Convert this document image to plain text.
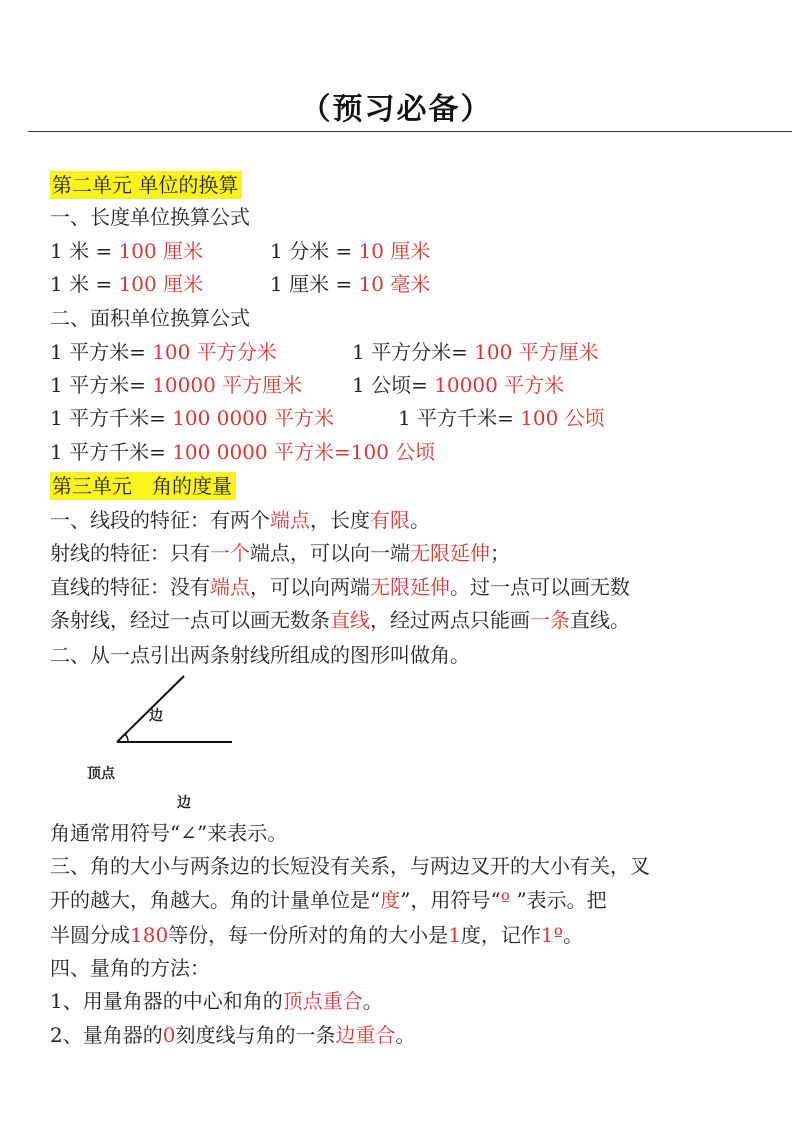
（预习必备）
第二单元 单位的换算
一、长度单位换算公式
1 米 = 100 厘米	1 分米 = 10 厘米
1 米 = 100 厘米	1 厘米 = 10 毫米
二、面积单位换算公式
1 平方米= 100 平方分米	1 平方分米= 100 平方厘米
1 平方米= 10000 平方厘米 1 公顷= 10000 平方米
1 平方千米= 100 0000 平方米	1 平方千米= 100 公顷
1 平方千米= 100 0000 平方米=100 公顷
第三单元　角的度量
一、线段的特征：有两个端点，长度有限。
射线的特征：只有一个端点，可以向一端无限延伸；
直线的特征：没有端点，可以向两端无限延伸。过一点可以画无数
条射线，经过一点可以画无数条直线，经过两点只能画一条直线。
二、从一点引出两条射线所组成的图形叫做角。
边
顶点
边
角通常用符号“∠”来表示。
三、角的大小与两条边的长短没有关系，与两边叉开的大小有关，叉
开的越大，角越大。角的计量单位是“度”，用符号“º ”表示。把
半圆分成180等份，每一份所对的角的大小是1度，记作1º。
四、量角的方法：
1、用量角器的中心和角的顶点重合。
2、量角器的0刻度线与角的一条边重合。
